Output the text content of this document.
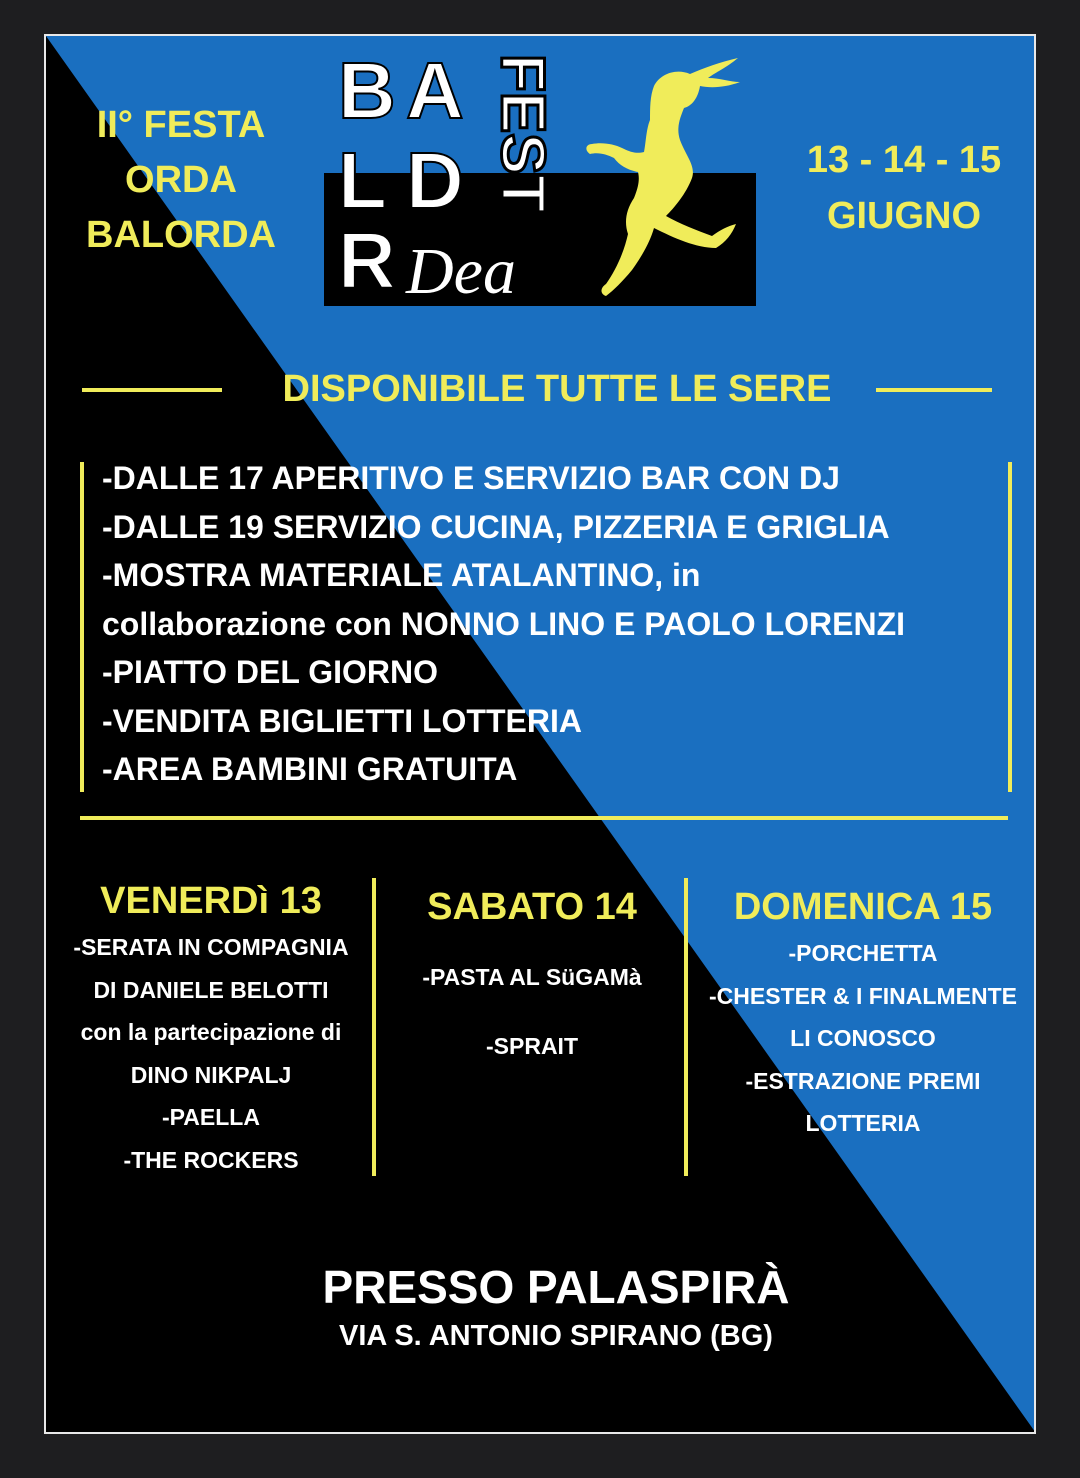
II° FESTA
ORDA
BALORDA
B A
L D
R
FEST
Dea
13 - 14 - 15
GIUGNO
DISPONIBILE TUTTE LE SERE
-DALLE 17 APERITIVO E SERVIZIO BAR CON DJ
-DALLE 19 SERVIZIO CUCINA, PIZZERIA E GRIGLIA
-MOSTRA MATERIALE ATALANTINO, in
collaborazione con NONNO LINO E PAOLO LORENZI
-PIATTO DEL GIORNO
-VENDITA BIGLIETTI LOTTERIA
-AREA BAMBINI GRATUITA
VENERDì 13
-SERATA IN COMPAGNIA
DI DANIELE BELOTTI
con la partecipazione di
DINO NIKPALJ
-PAELLA
-THE ROCKERS
SABATO 14
-PASTA AL SüGAMà
-SPRAIT
DOMENICA 15
-PORCHETTA
-CHESTER & I FINALMENTE
LI CONOSCO
-ESTRAZIONE PREMI
LOTTERIA
PRESSO PALASPIRÀ
VIA S. ANTONIO SPIRANO (BG)
